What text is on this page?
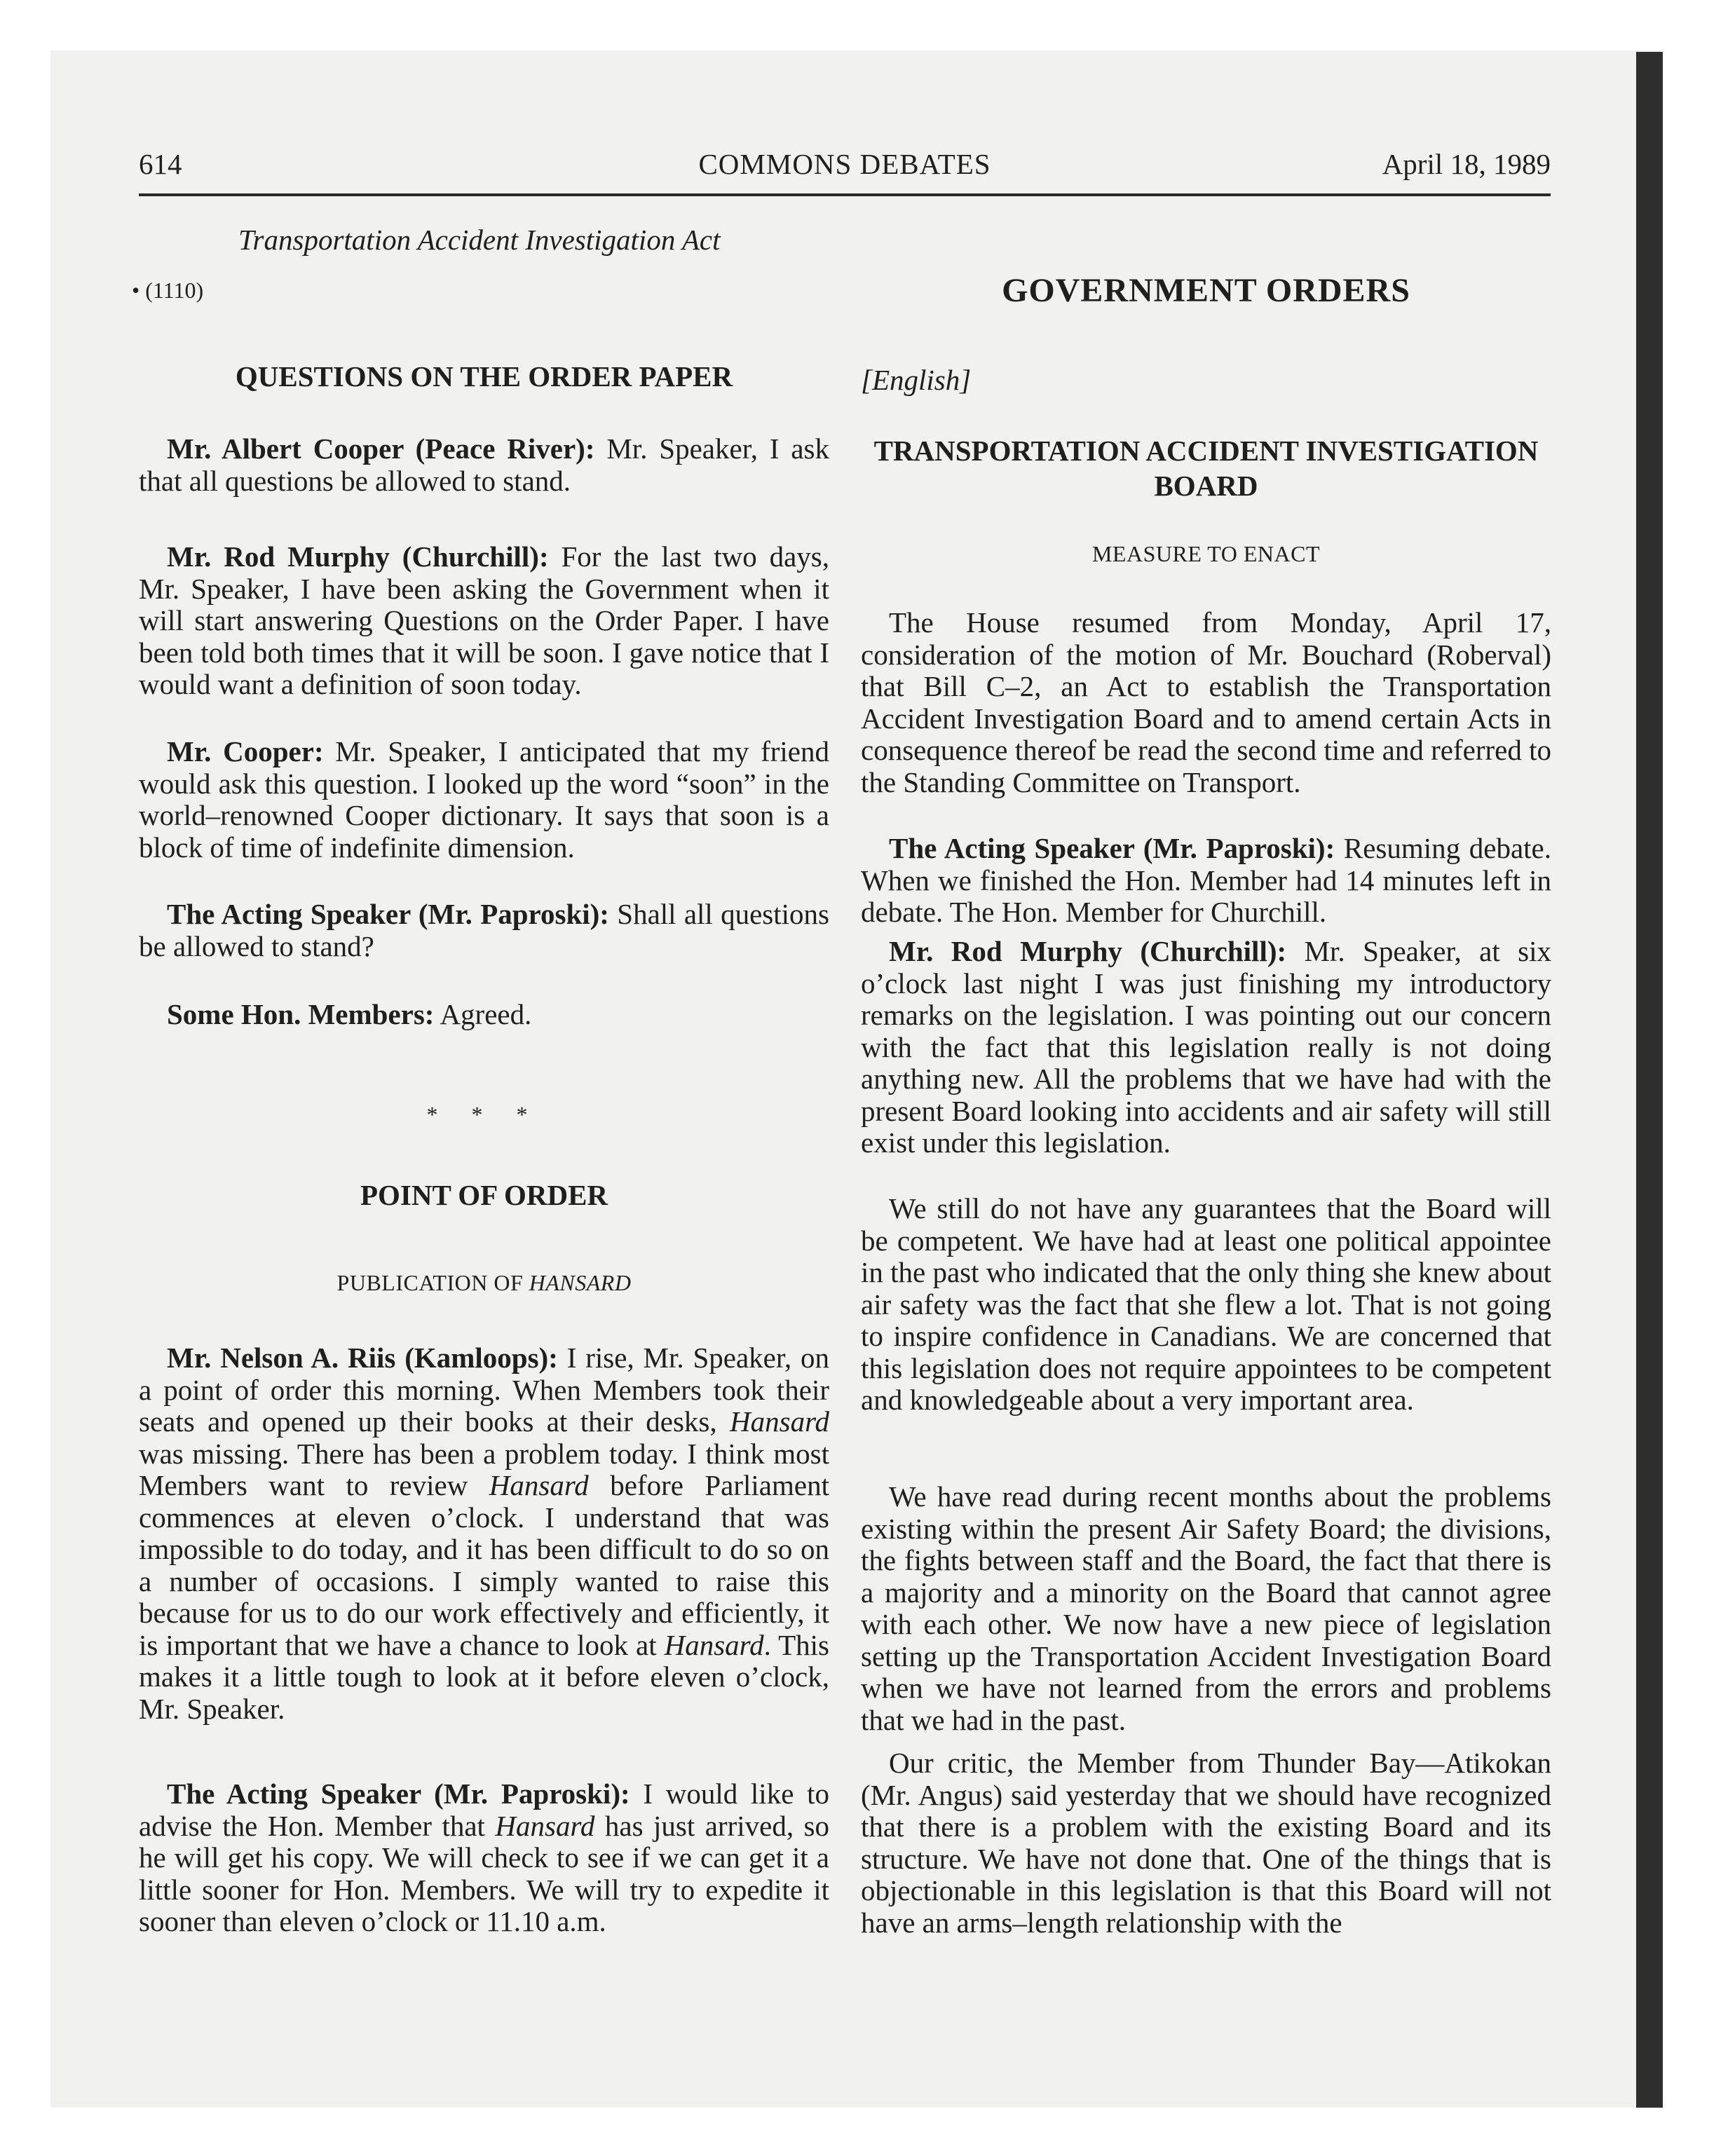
614	COMMONS DEBATES	April 18, 1989
Transportation Accident Investigation Act
• (1110)
QUESTIONS ON THE ORDER PAPER
Mr. Albert Cooper (Peace River): Mr. Speaker, I ask that all questions be allowed to stand.
Mr. Rod Murphy (Churchill): For the last two days, Mr. Speaker, I have been asking the Government when it will start answering Questions on the Order Paper. I have been told both times that it will be soon. I gave notice that I would want a definition of soon today.
Mr. Cooper: Mr. Speaker, I anticipated that my friend would ask this question. I looked up the word “soon” in the world–renowned Cooper dictionary. It says that soon is a block of time of indefinite dimension.
The Acting Speaker (Mr. Paproski): Shall all questions be allowed to stand?
Some Hon. Members: Agreed.
* * *
POINT OF ORDER
PUBLICATION OF HANSARD
Mr. Nelson A. Riis (Kamloops): I rise, Mr. Speaker, on a point of order this morning. When Members took their seats and opened up their books at their desks, Hansard was missing. There has been a problem today. I think most Members want to review Hansard before Parliament commences at eleven o’clock. I understand that was impossible to do today, and it has been difficult to do so on a number of occasions. I simply wanted to raise this because for us to do our work effectively and efficiently, it is important that we have a chance to look at Hansard. This makes it a little tough to look at it before eleven o’clock, Mr. Speaker.
The Acting Speaker (Mr. Paproski): I would like to advise the Hon. Member that Hansard has just arrived, so he will get his copy. We will check to see if we can get it a little sooner for Hon. Members. We will try to expedite it sooner than eleven o’clock or 11.10 a.m.
GOVERNMENT ORDERS
[English]
TRANSPORTATION ACCIDENT INVESTIGATION BOARD
MEASURE TO ENACT
The House resumed from Monday, April 17, consideration of the motion of Mr. Bouchard (Roberval) that Bill C–2, an Act to establish the Transportation Accident Investigation Board and to amend certain Acts in consequence thereof be read the second time and referred to the Standing Committee on Transport.
The Acting Speaker (Mr. Paproski): Resuming debate. When we finished the Hon. Member had 14 minutes left in debate. The Hon. Member for Churchill.
Mr. Rod Murphy (Churchill): Mr. Speaker, at six o’clock last night I was just finishing my introductory remarks on the legislation. I was pointing out our concern with the fact that this legislation really is not doing anything new. All the problems that we have had with the present Board looking into accidents and air safety will still exist under this legislation.
We still do not have any guarantees that the Board will be competent. We have had at least one political appointee in the past who indicated that the only thing she knew about air safety was the fact that she flew a lot. That is not going to inspire confidence in Canadians. We are concerned that this legislation does not require appointees to be competent and knowledgeable about a very important area.
We have read during recent months about the problems existing within the present Air Safety Board; the divisions, the fights between staff and the Board, the fact that there is a majority and a minority on the Board that cannot agree with each other. We now have a new piece of legislation setting up the Transportation Accident Investigation Board when we have not learned from the errors and problems that we had in the past.
Our critic, the Member from Thunder Bay—Atikokan (Mr. Angus) said yesterday that we should have recognized that there is a problem with the existing Board and its structure. We have not done that. One of the things that is objectionable in this legislation is that this Board will not have an arms–length relationship with the
